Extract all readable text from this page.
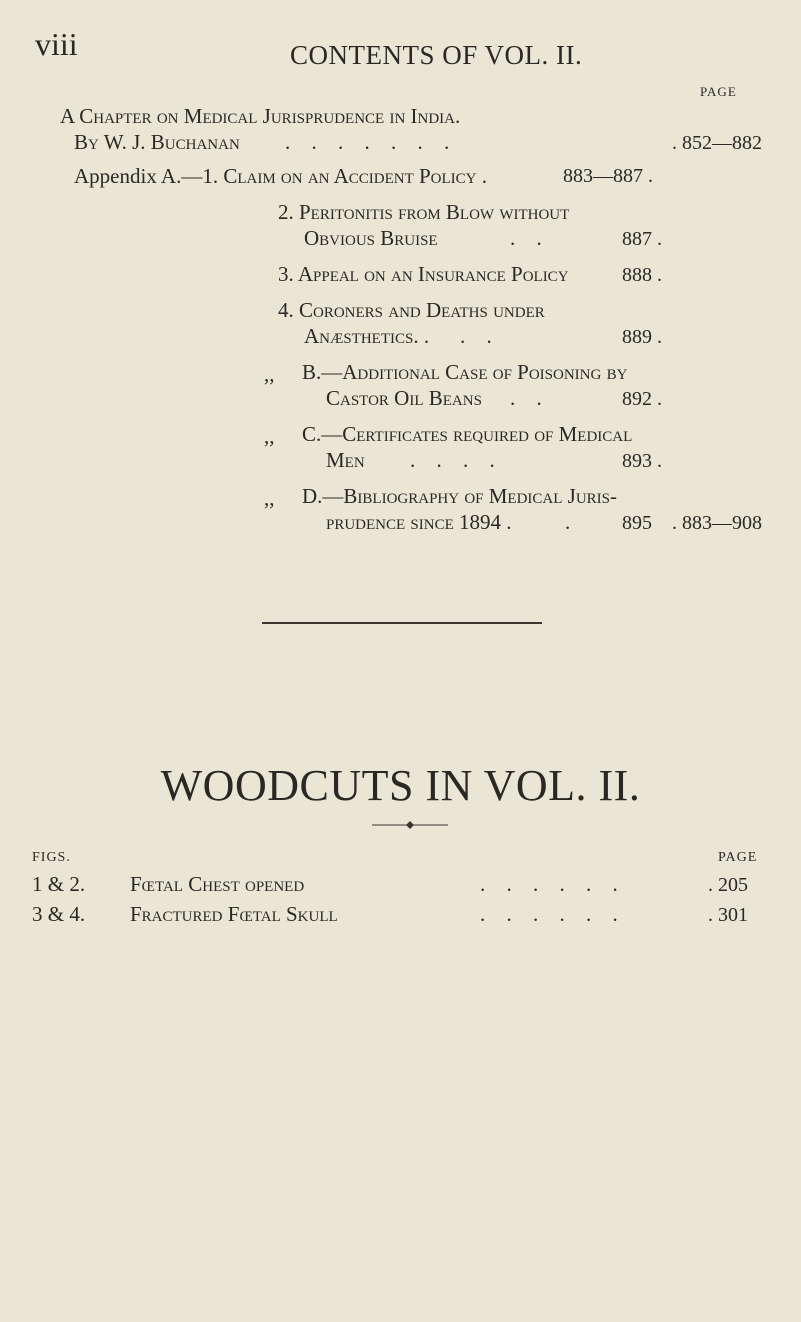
viii	CONTENTS OF VOL. II.
PAGE
A Chapter on Medical Jurisprudence in India.
By W. J. Buchanan . . . . . . .	. 852—882
Appendix A.—1. Claim on an Accident Policy .	883—887 .
2. Peritonitis from Blow without
Obvious Bruise	. .	887 .
3. Appeal on an Insurance Policy	888 .
4. Coroners and Deaths under
Anæsthetics. . . .	889 .
,, B.—Additional Case of Poisoning by
Castor Oil Beans . .	892 .
,, C.—Certificates required of Medical
Men . . . .	893 .
,, D.—Bibliography of Medical Juris-
prudence since 1894 .	.	895 . 883—908
WOODCUTS IN VOL. II.
FIGS.	PAGE
1 & 2. Fœtal Chest opened	. . . . . .	. 205
3 & 4. Fractured Fœtal Skull	. . . . . .	. 301
